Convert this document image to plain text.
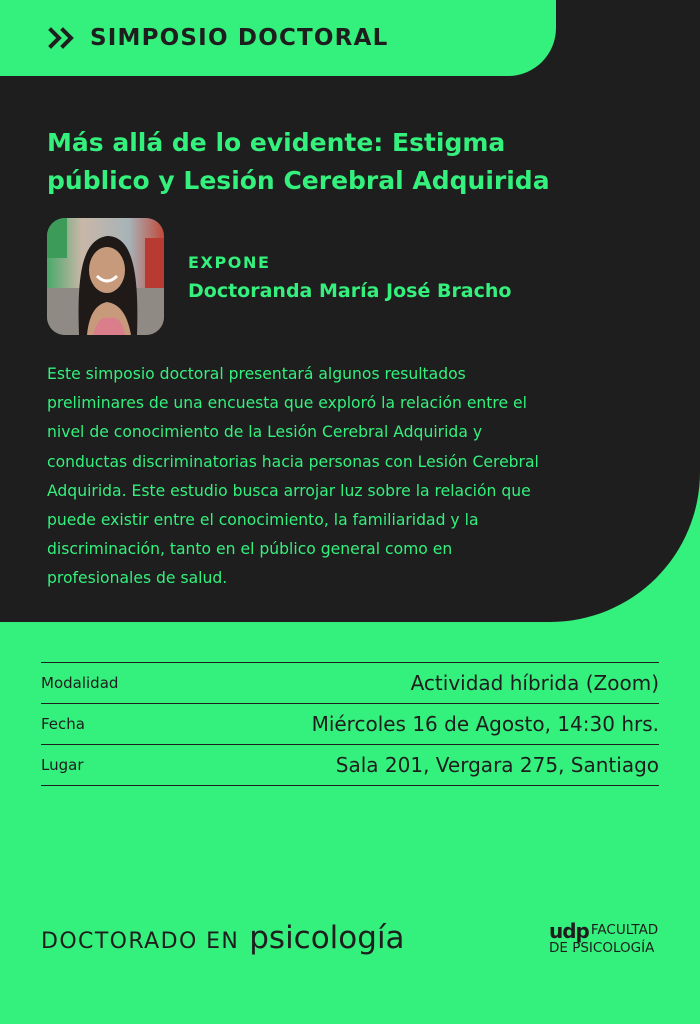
SIMPOSIO DOCTORAL
Más allá de lo evidente: Estigma público y Lesión Cerebral Adquirida
EXPONE
Doctoranda María José Bracho

Este simposio doctoral presentará algunos resultados preliminares de una encuesta que exploró la relación entre el nivel de conocimiento de la Lesión Cerebral Adquirida y conductas discriminatorias hacia personas con Lesión Cerebral Adquirida. Este estudio busca arrojar luz sobre la relación que puede existir entre el conocimiento, la familiaridad y la discriminación, tanto en el público general como en profesionales de salud.

Modalidad	Actividad híbrida (Zoom)
Fecha	Miércoles 16 de Agosto, 14:30 hrs.
Lugar	Sala 201, Vergara 275, Santiago
DOCTORADO EN psicología	udp FACULTAD
DE PSICOLOGÍA
